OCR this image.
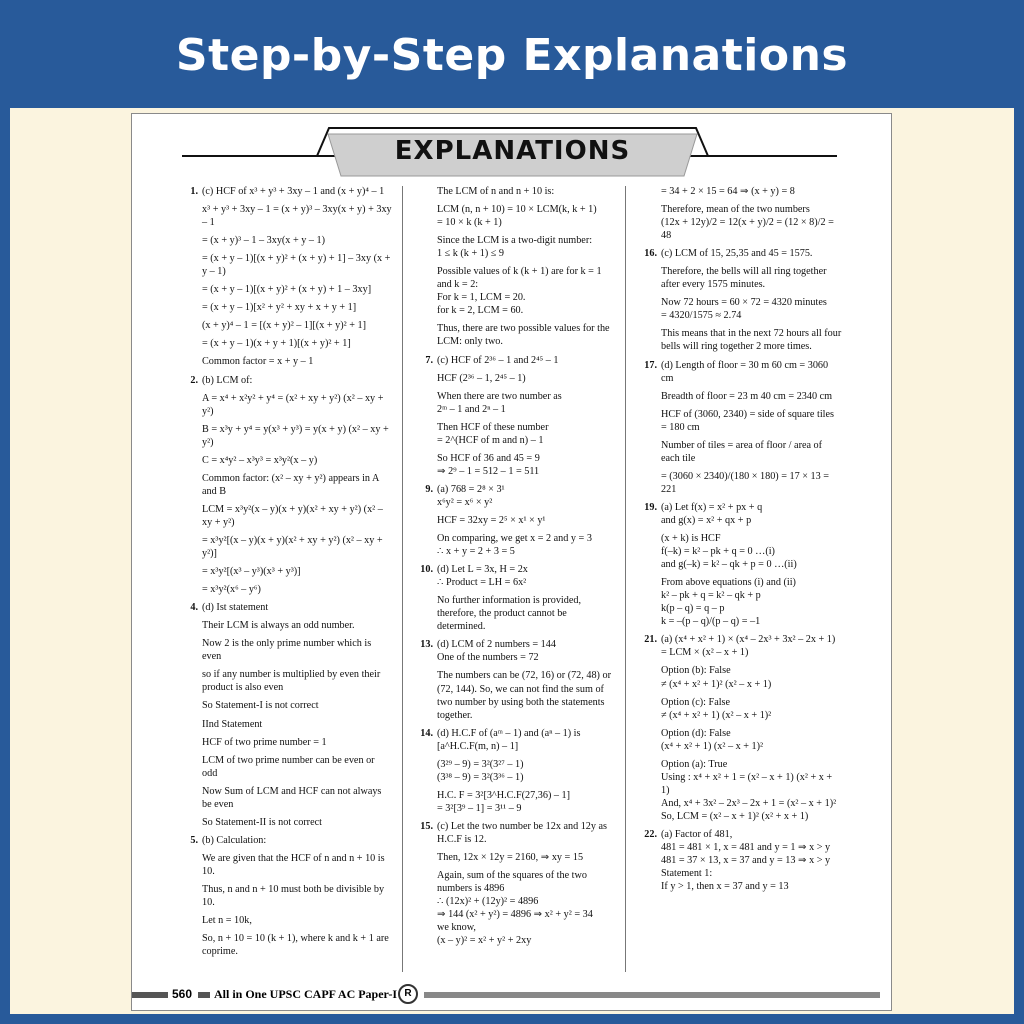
Step-by-Step Explanations
EXPLANATIONS
1. (c) HCF of x³ + y³ + 3xy – 1 and (x + y)⁴ – 1
x³ + y³ + 3xy – 1 = (x + y)³ – 3xy(x + y) + 3xy – 1
= (x + y)³ – 1 – 3xy(x + y – 1)
= (x + y – 1)[(x + y)² + (x + y) + 1] – 3xy (x + y – 1)
= (x + y – 1)[(x + y)² + (x + y) + 1 – 3xy]
= (x + y – 1)[x² + y² + xy + x + y + 1]
(x + y)⁴ – 1 = [(x + y)² – 1][(x + y)² + 1]
= (x + y – 1)(x + y + 1)[(x + y)² + 1]
Common factor = x + y – 1
2. (b) LCM of:
A = x⁴ + x²y² + y⁴ = (x² + xy + y²) (x² – xy + y²)
B = x³y + y⁴ = y(x³ + y³) = y(x + y) (x² – xy + y²)
C = x⁴y² – x³y³ = x³y²(x – y)
Common factor: (x² – xy + y²) appears in A and B
LCM = x³y²(x – y)(x + y)(x² + xy + y²) (x² – xy + y²)
= x³y²[(x – y)(x + y)(x² + xy + y²) (x² – xy + y²)]
= x³y²[(x³ – y³)(x³ + y³)]
= x³y²(x⁶ – y⁶)
4. (d) Ist statement
Their LCM is always an odd number.
Now 2 is the only prime number which is even
so if any number is multiplied by even their product is also even
So Statement-I is not correct
IInd Statement
HCF of two prime number = 1
LCM of two prime number can be even or odd
Now Sum of LCM and HCF can not always be even
So Statement-II is not correct
5. (b) Calculation:
We are given that the HCF of n and n + 10 is 10.
Thus, n and n + 10 must both be divisible by 10.
Let n = 10k,
So, n + 10 = 10 (k + 1), where k and k + 1 are coprime.
The LCM of n and n + 10 is:
LCM (n, n + 10) = 10 × LCM(k, k + 1)
= 10 × k (k + 1)
Since the LCM is a two-digit number:
1 ≤ k (k + 1) ≤ 9
Possible values of k (k + 1) are for k = 1 and k = 2:
For k = 1, LCM = 20.
for k = 2, LCM = 60.
Thus, there are two possible values for the LCM: only two.
7. (c) HCF of 2³⁶ – 1 and 2⁴⁵ – 1
HCF (2³⁶ – 1, 2⁴⁵ – 1)
When there are two number as
2ᵐ – 1 and 2ⁿ – 1
Then HCF of these number
= 2^(HCF of m and n) – 1
So HCF of 36 and 45 = 9
⇒ 2⁹ – 1 = 512 – 1 = 511
9. (a) 768 = 2⁸ × 3¹
x⁶y² = x⁶ × y²
HCF = 32xy = 2⁵ × x¹ × y¹
On comparing, we get x = 2 and y = 3
∴ x + y = 2 + 3 = 5
10. (d) Let L = 3x, H = 2x
∴ Product = LH = 6x²
No further information is provided, therefore, the product cannot be determined.
13. (d) LCM of 2 numbers = 144
One of the numbers = 72
The numbers can be (72, 16) or (72, 48) or (72, 144). So, we can not find the sum of two number by using both the statements together.
14. (d) H.C.F of (aᵐ – 1) and (aⁿ – 1) is [a^H.C.F(m, n) – 1]
(3²⁹ – 9) = 3²(3²⁷ – 1)
(3³⁸ – 9) = 3²(3³⁶ – 1)
H.C. F = 3²[3^H.C.F(27,36) – 1]
= 3²[3⁹ – 1] = 3¹¹ – 9
15. (c) Let the two number be 12x and 12y as H.C.F is 12.
Then, 12x × 12y = 2160, ⇒ xy = 15
Again, sum of the squares of the two numbers is 4896
∴ (12x)² + (12y)² = 4896
⇒ 144 (x² + y²) = 4896 ⇒ x² + y² = 34
we know,
(x – y)² = x² + y² + 2xy
= 34 + 2 × 15 = 64 ⇒ (x + y) = 8
Therefore, mean of the two numbers
(12x + 12y)/2 = 12(x + y)/2 = (12 × 8)/2 = 48
16. (c) LCM of 15, 25,35 and 45 = 1575.
Therefore, the bells will all ring together after every 1575 minutes.
Now 72 hours = 60 × 72 = 4320 minutes
= 4320/1575 ≈ 2.74
This means that in the next 72 hours all four bells will ring together 2 more times.
17. (d) Length of floor = 30 m 60 cm = 3060 cm
Breadth of floor = 23 m 40 cm = 2340 cm
HCF of (3060, 2340) = side of square tiles = 180 cm
Number of tiles = area of floor / area of each tile
= (3060 × 2340)/(180 × 180) = 17 × 13 = 221
19. (a) Let f(x) = x² + px + q
and g(x) = x² + qx + p
(x + k) is HCF
f(–k) = k² – pk + q = 0 …(i)
and g(–k) = k² – qk + p = 0 …(ii)
From above equations (i) and (ii)
k² – pk + q = k² – qk + p
k(p – q) = q – p
k = –(p – q)/(p – q) = –1
21. (a) (x⁴ + x² + 1) × (x⁴ – 2x³ + 3x² – 2x + 1)
= LCM × (x² – x + 1)
Option (b): False
≠ (x⁴ + x² + 1)² (x² – x + 1)
Option (c): False
≠ (x⁴ + x² + 1) (x² – x + 1)²
Option (d): False
(x⁴ + x² + 1) (x² – x + 1)²
Option (a): True
Using : x⁴ + x² + 1 = (x² – x + 1) (x² + x + 1)
And, x⁴ + 3x² – 2x³ – 2x + 1 = (x² – x + 1)²
So, LCM = (x² – x + 1)² (x² + x + 1)
22. (a) Factor of 481,
481 = 481 × 1, x = 481 and y = 1 ⇒ x > y
481 = 37 × 13, x = 37 and y = 13 ⇒ x > y
Statement 1:
If y > 1, then x = 37 and y = 13
560 All in One UPSC CAPF AC Paper-I R
